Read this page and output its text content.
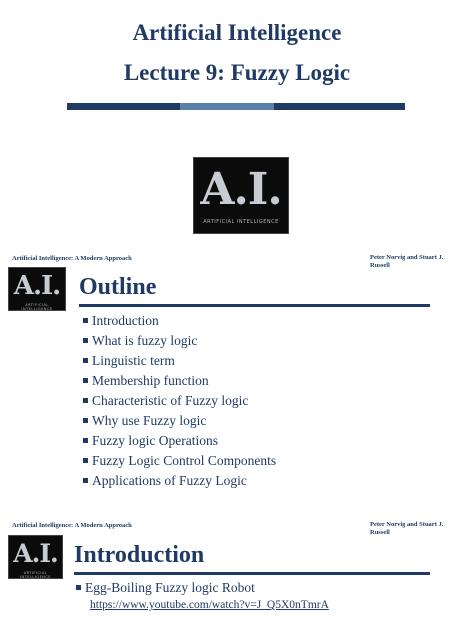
Artificial Intelligence
Lecture 9: Fuzzy Logic
A.I.
ARTIFICIAL INTELLIGENCE
Artificial Intelligence: A Modern Approach	Peter Norvig and Stuart J. Russell
A.I.
ARTIFICIAL INTELLIGENCE
Outline
Introduction
What is fuzzy logic
Linguistic term
Membership function
Characteristic of Fuzzy logic
Why use Fuzzy logic
Fuzzy logic Operations
Fuzzy Logic Control Components
Applications of Fuzzy Logic
Artificial Intelligence: A Modern Approach	Peter Norvig and Stuart J. Russell
A.I.
ARTIFICIAL INTELLIGENCE
Introduction
Egg-Boiling Fuzzy logic Robot
https://www.youtube.com/watch?v=J_Q5X0nTmrA
